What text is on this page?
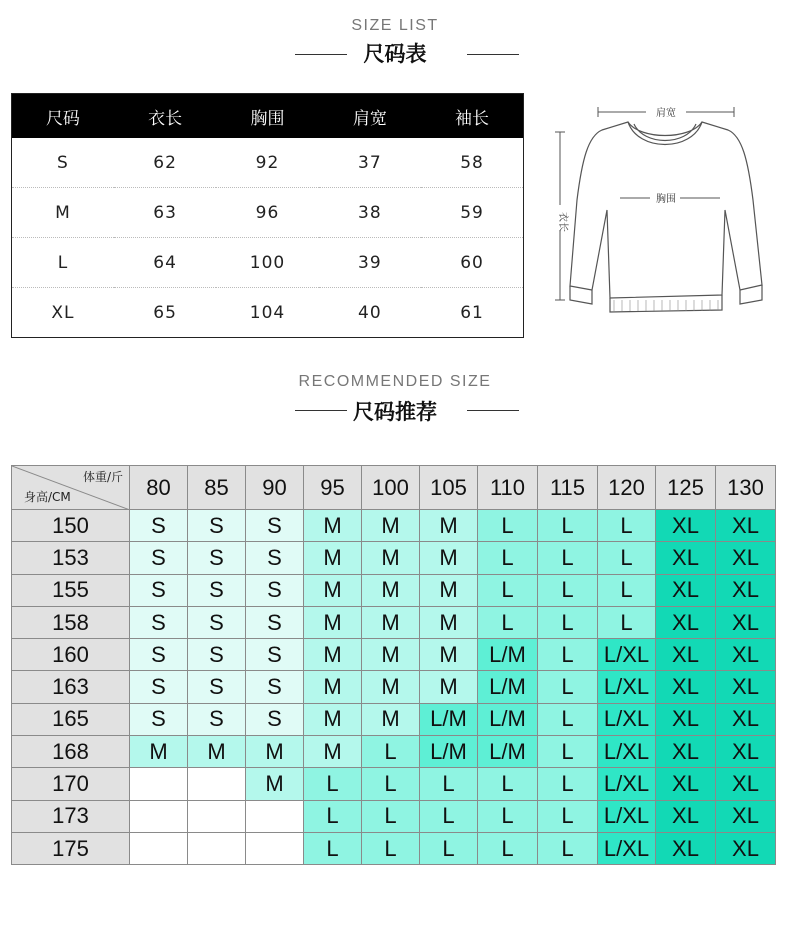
SIZE LIST
尺码表
尺码	衣长	胸围	肩宽	袖长
S	62	92	37	58
M	63	96	38	59
L	64	100	39	60
XL	65	104	40	61
肩宽
胸围
衣长
RECOMMENDED SIZE
尺码推荐
体重/斤
身高/CM	80	85	90	95	100	105	110	115	120	125	130
150	S	S	S	M	M	M	L	L	L	XL	XL
153	S	S	S	M	M	M	L	L	L	XL	XL
155	S	S	S	M	M	M	L	L	L	XL	XL
158	S	S	S	M	M	M	L	L	L	XL	XL
160	S	S	S	M	M	M	L/M	L	L/XL	XL	XL
163	S	S	S	M	M	M	L/M	L	L/XL	XL	XL
165	S	S	S	M	M	L/M	L/M	L	L/XL	XL	XL
168	M	M	M	M	L	L/M	L/M	L	L/XL	XL	XL
170			M	L	L	L	L	L	L/XL	XL	XL
173				L	L	L	L	L	L/XL	XL	XL
175				L	L	L	L	L	L/XL	XL	XL
